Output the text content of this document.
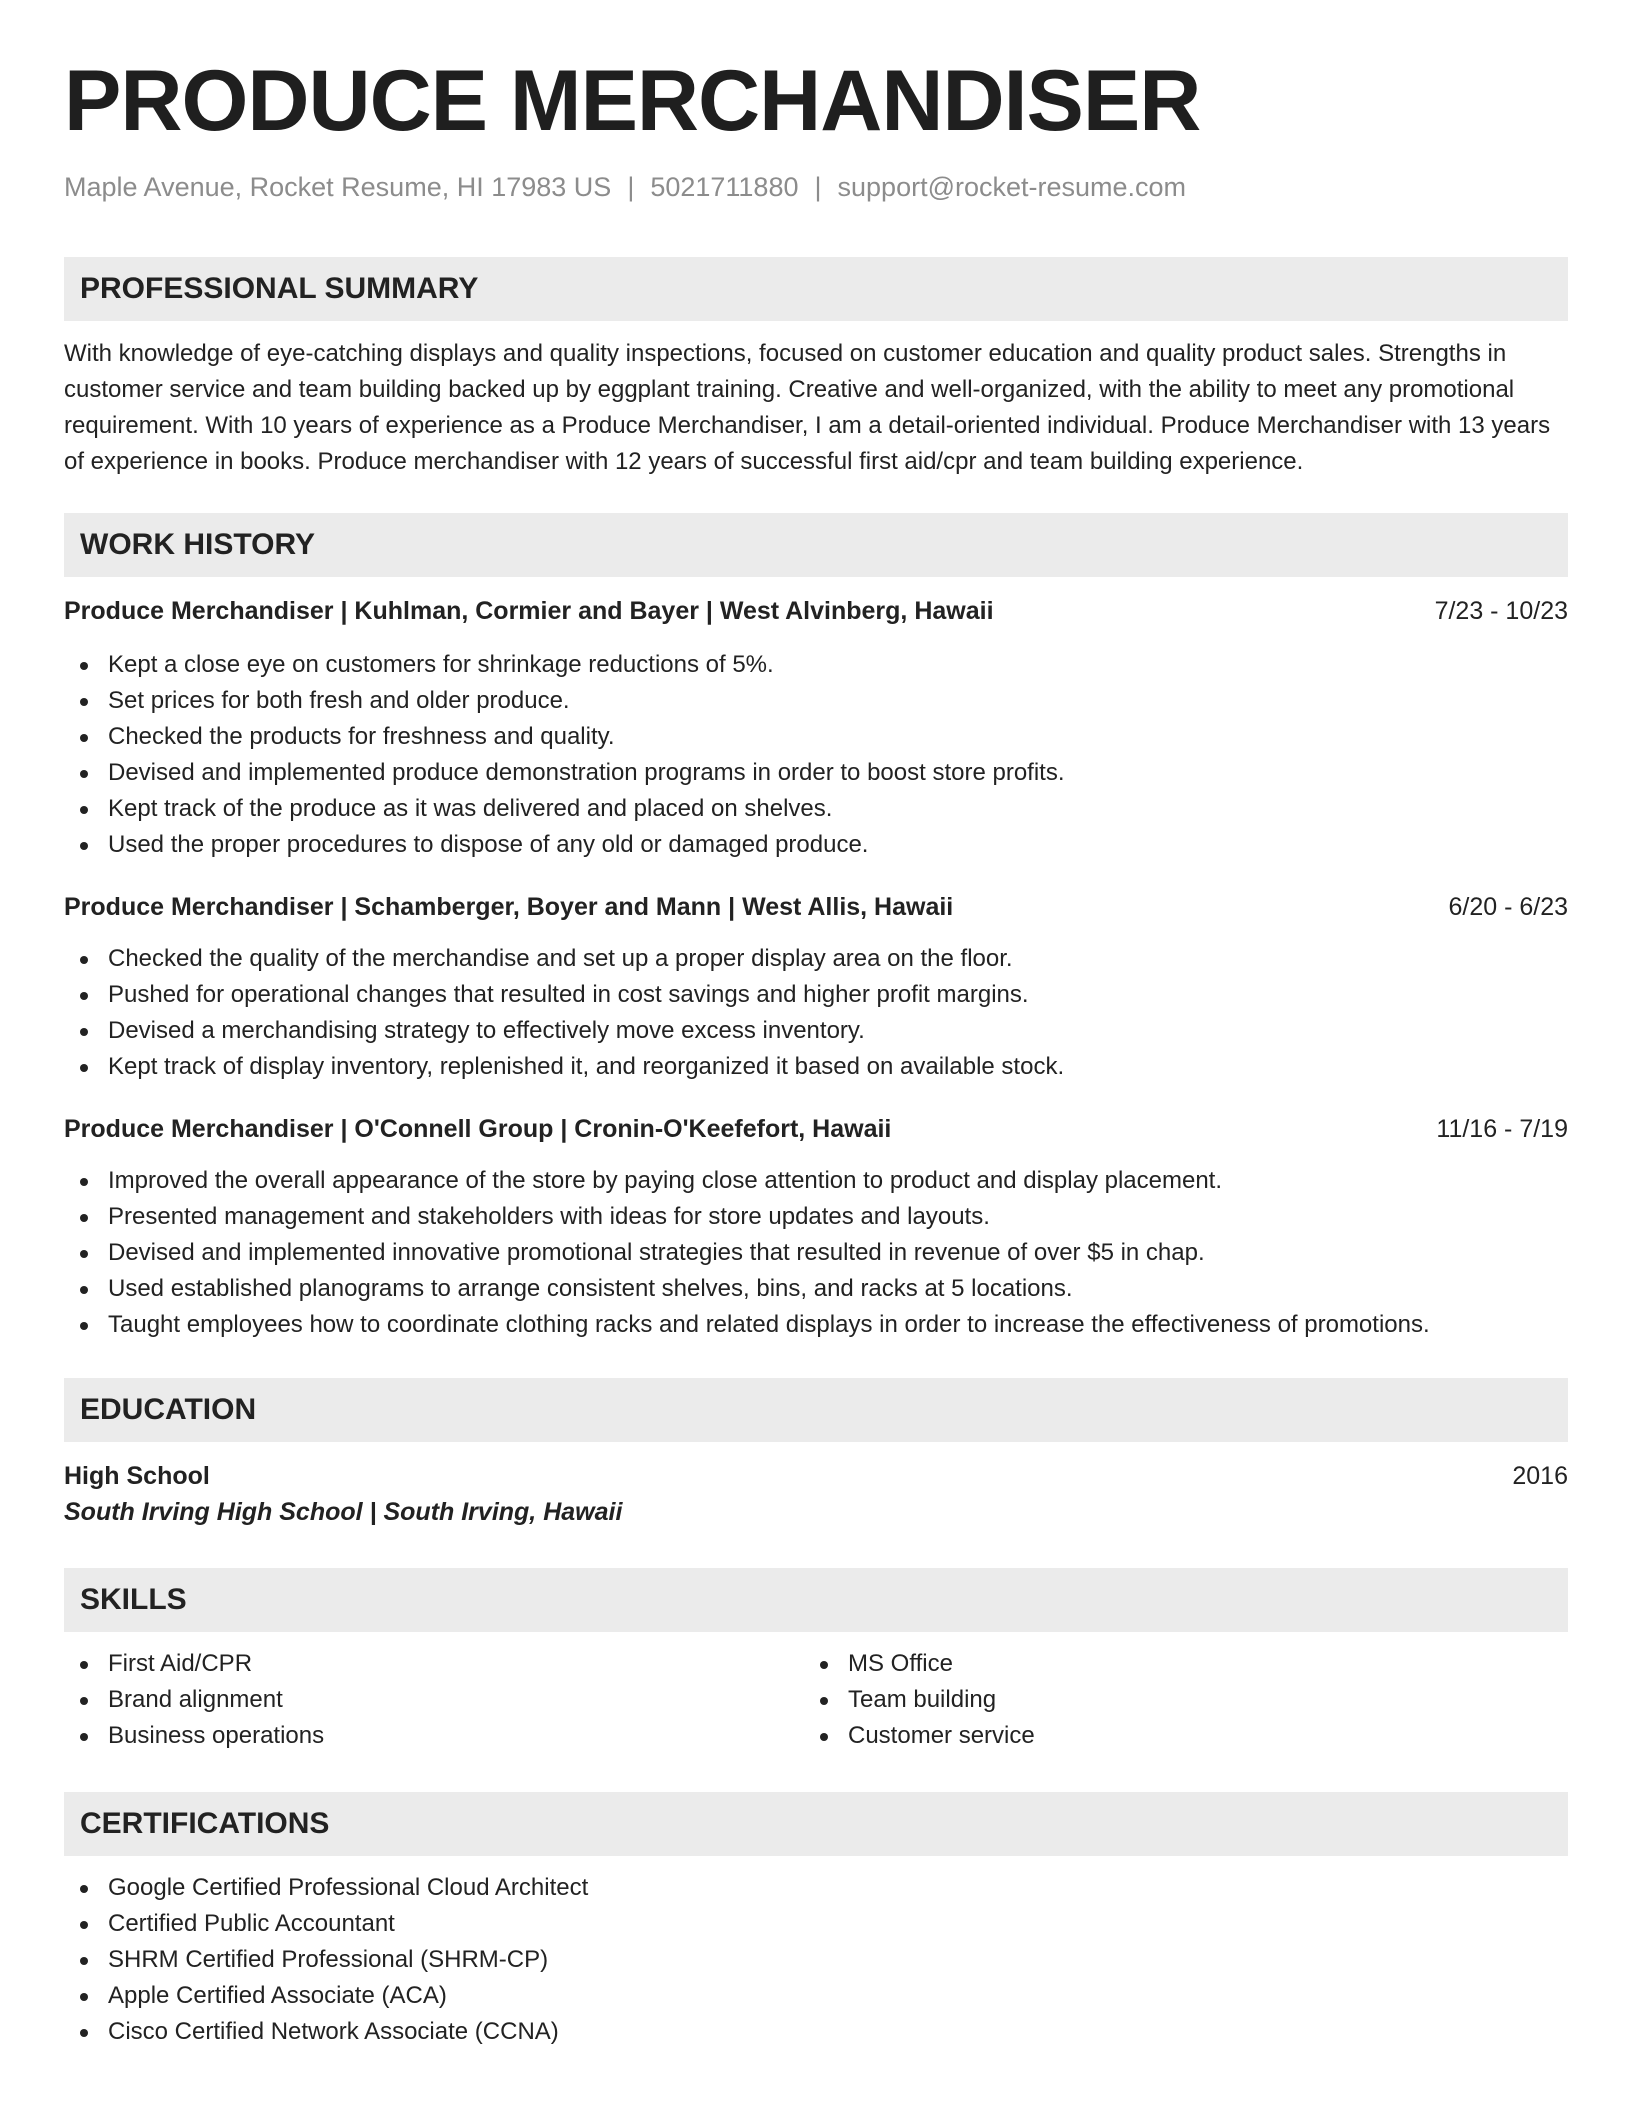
PRODUCE MERCHANDISER
Maple Avenue, Rocket Resume, HI 17983 US | 5021711880 | support@rocket-resume.com
PROFESSIONAL SUMMARY

With knowledge of eye-catching displays and quality inspections, focused on customer education and quality product sales. Strengths in customer service and team building backed up by eggplant training. Creative and well-organized, with the ability to meet any promotional requirement. With 10 years of experience as a Produce Merchandiser, I am a detail-oriented individual. Produce Merchandiser with 13 years of experience in books. Produce merchandiser with 12 years of successful first aid/cpr and team building experience.

WORK HISTORY
Produce Merchandiser | Kuhlman, Cormier and Bayer | West Alvinberg, Hawaii	7/23 - 10/23
Kept a close eye on customers for shrinkage reductions of 5%.
Set prices for both fresh and older produce.
Checked the products for freshness and quality.
Devised and implemented produce demonstration programs in order to boost store profits.
Kept track of the produce as it was delivered and placed on shelves.
Used the proper procedures to dispose of any old or damaged produce.
Produce Merchandiser | Schamberger, Boyer and Mann | West Allis, Hawaii	6/20 - 6/23
Checked the quality of the merchandise and set up a proper display area on the floor.
Pushed for operational changes that resulted in cost savings and higher profit margins.
Devised a merchandising strategy to effectively move excess inventory.
Kept track of display inventory, replenished it, and reorganized it based on available stock.
Produce Merchandiser | O'Connell Group | Cronin-O'Keefefort, Hawaii	11/16 - 7/19
Improved the overall appearance of the store by paying close attention to product and display placement.
Presented management and stakeholders with ideas for store updates and layouts.
Devised and implemented innovative promotional strategies that resulted in revenue of over $5 in chap.
Used established planograms to arrange consistent shelves, bins, and racks at 5 locations.
Taught employees how to coordinate clothing racks and related displays in order to increase the effectiveness of promotions.
EDUCATION
High School	2016
South Irving High School | South Irving, Hawaii
SKILLS
First Aid/CPR
Brand alignment
Business operations
MS Office
Team building
Customer service
CERTIFICATIONS
Google Certified Professional Cloud Architect
Certified Public Accountant
SHRM Certified Professional (SHRM-CP)
Apple Certified Associate (ACA)
Cisco Certified Network Associate (CCNA)
